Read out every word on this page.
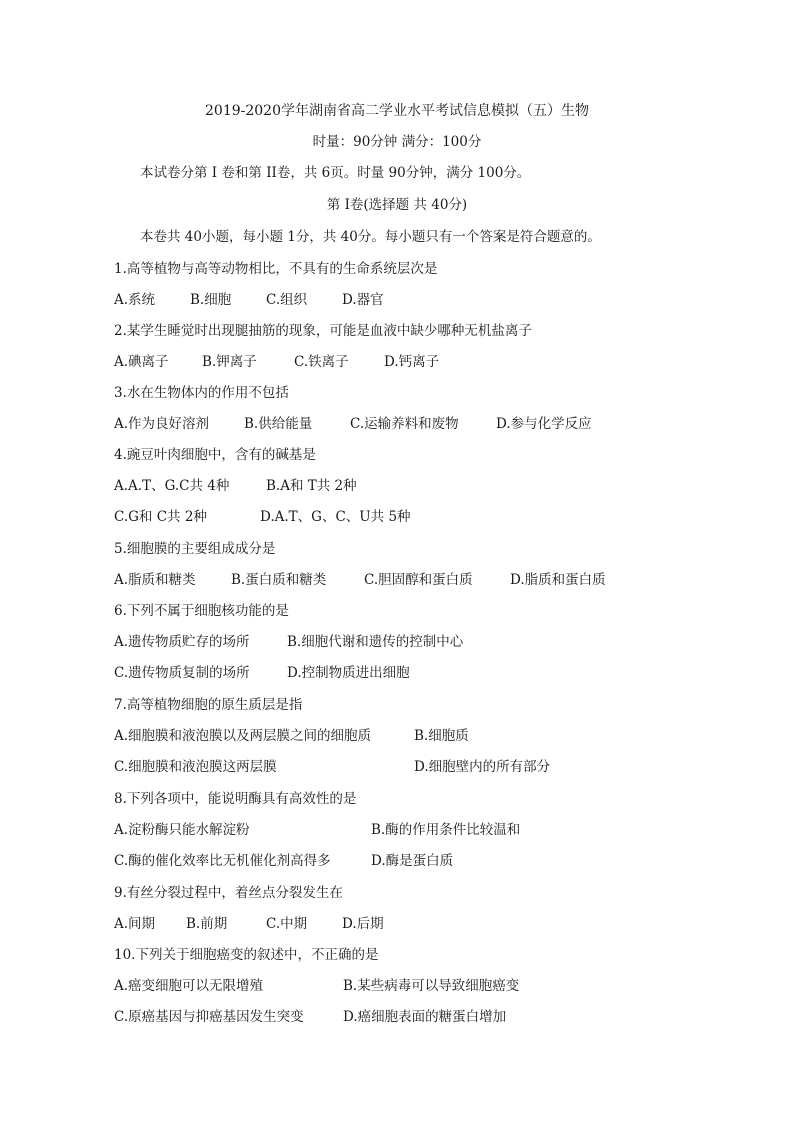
2019-2020学年湖南省高二学业水平考试信息模拟（五）生物
时量：90分钟 满分：100分
本试卷分第 I 卷和第 II卷，共 6页。时量 90分钟，满分 100分。
第 I卷(选择题 共 40分)
本卷共 40小题，每小题 1分，共 40分。每小题只有一个答案是符合题意的。
1.高等植物与高等动物相比，不具有的生命系统层次是
A.系统	B.细胞	C.组织	D.器官
2.某学生睡觉时出现腿抽筋的现象，可能是血液中缺少哪种无机盐离子
A.碘离子 B.钾离子	C.铁离子	D.钙离子
3.水在生物体内的作用不包括
A.作为良好溶剂	B.供给能量	C.运输养料和废物	D.参与化学反应
4.豌豆叶肉细胞中，含有的碱基是
A.A.T、G.C共 4种	B.A和 T共 2种
C.G和 C共 2种	D.A.T、G、C、U共 5种
5.细胞膜的主要组成成分是
A.脂质和糖类	B.蛋白质和糖类	C.胆固醇和蛋白质	D.脂质和蛋白质
6.下列不属于细胞核功能的是
A.遗传物质贮存的场所	B.细胞代谢和遗传的控制中心
C.遗传物质复制的场所	D.控制物质进出细胞
7.高等植物细胞的原生质层是指
A.细胞膜和液泡膜以及两层膜之间的细胞质	B.细胞质
C.细胞膜和液泡膜这两层膜	D.细胞壁内的所有部分
8.下列各项中，能说明酶具有高效性的是
A.淀粉酶只能水解淀粉	B.酶的作用条件比较温和
C.酶的催化效率比无机催化剂高得多	D.酶是蛋白质
9.有丝分裂过程中，着丝点分裂发生在
A.间期 B.前期	C.中期	D.后期
10.下列关于细胞癌变的叙述中，不正确的是
A.癌变细胞可以无限增殖	B.某些病毒可以导致细胞癌变
C.原癌基因与抑癌基因发生突变	D.癌细胞表面的糖蛋白增加
